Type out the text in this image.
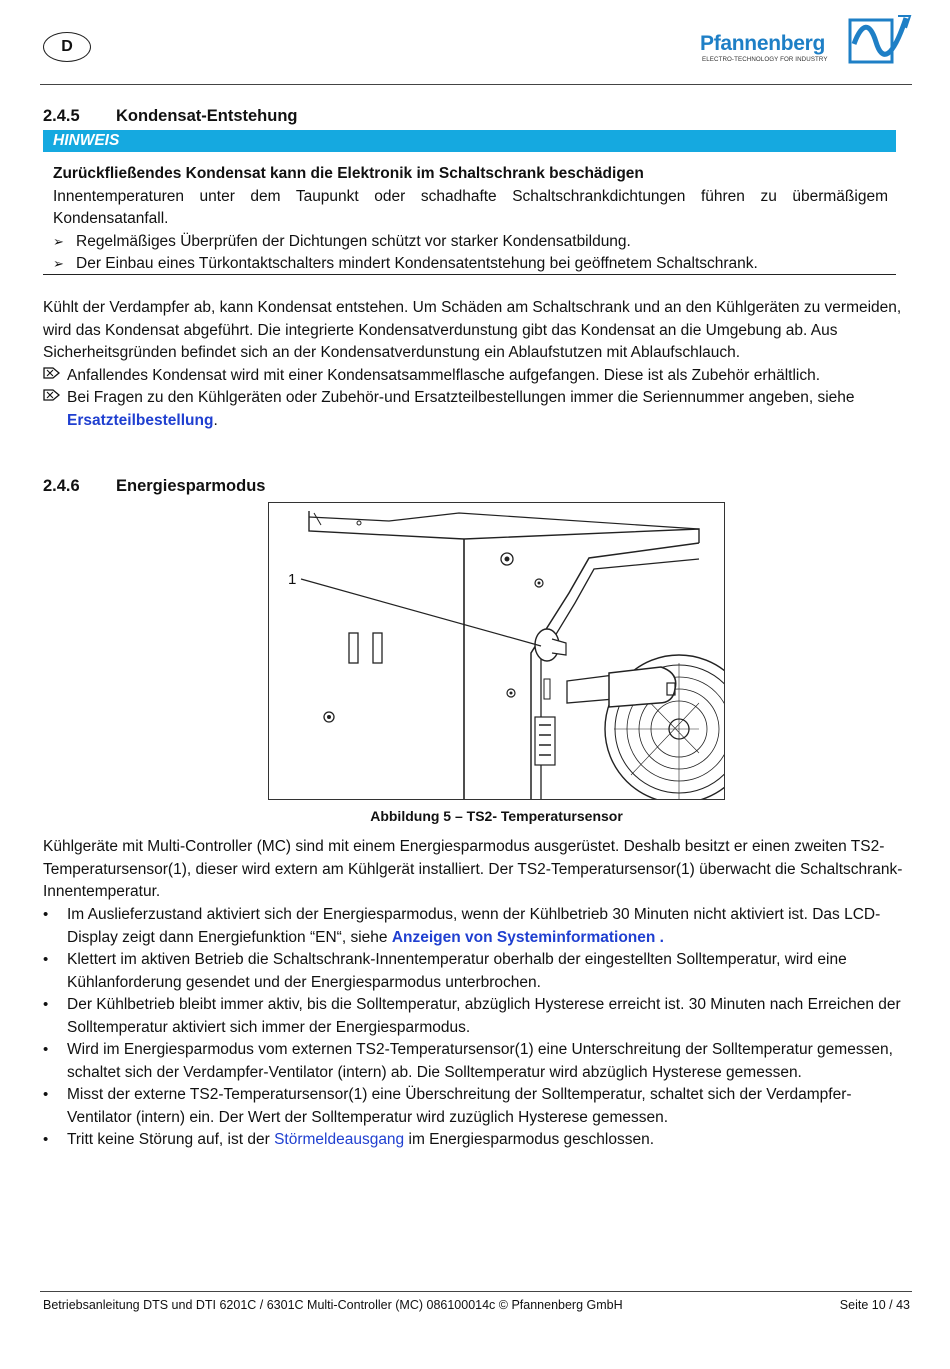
D	Pfannenberg
ELECTRO-TECHNOLOGY FOR INDUSTRY
2.4.5 Kondensat-Entstehung
HINWEIS
Zurückfließendes Kondensat kann die Elektronik im Schaltschrank beschädigen
Innentemperaturen unter dem Taupunkt oder schadhafte Schaltschrankdichtungen führen zu übermäßigem Kondensatanfall.
➢ Regelmäßiges Überprüfen der Dichtungen schützt vor starker Kondensatbildung.
➢ Der Einbau eines Türkontaktschalters mindert Kondensatentstehung bei geöffnetem Schaltschrank.
Kühlt der Verdampfer ab, kann Kondensat entstehen. Um Schäden am Schaltschrank und an den Kühlgeräten zu vermeiden, wird das Kondensat abgeführt. Die integrierte Kondensatverdunstung gibt das Kondensat an die Umgebung ab. Aus Sicherheitsgründen befindet sich an der Kondensatverdunstung ein Ablaufstutzen mit Ablaufschlauch.
Anfallendes Kondensat wird mit einer Kondensatsammelflasche aufgefangen. Diese ist als Zubehör erhältlich.
Bei Fragen zu den Kühlgeräten oder Zubehör-und Ersatzteilbestellungen immer die Seriennummer angeben, siehe Ersatzteilbestellung.
2.4.6 Energiesparmodus
1
Abbildung 5 – TS2- Temperatursensor
Kühlgeräte mit Multi-Controller (MC) sind mit einem Energiesparmodus ausgerüstet. Deshalb besitzt er einen zweiten TS2-Temperatursensor(1), dieser wird extern am Kühlgerät installiert. Der TS2-Temperatursensor(1) überwacht die Schaltschrank-Innentemperatur.
•	Im Auslieferzustand aktiviert sich der Energiesparmodus, wenn der Kühlbetrieb 30 Minuten nicht aktiviert ist. Das LCD- Display zeigt dann Energiefunktion “EN“, siehe Anzeigen von Systeminformationen .
•	Klettert im aktiven Betrieb die Schaltschrank-Innentemperatur oberhalb der eingestellten Solltemperatur, wird eine Kühlanforderung gesendet und der Energiesparmodus unterbrochen.
•	Der Kühlbetrieb bleibt immer aktiv, bis die Solltemperatur, abzüglich Hysterese erreicht ist. 30 Minuten nach Erreichen der Solltemperatur aktiviert sich immer der Energiesparmodus.
•	Wird im Energiesparmodus vom externen TS2-Temperatursensor(1) eine Unterschreitung der Solltemperatur gemessen, schaltet sich der Verdampfer-Ventilator (intern) ab. Die Solltemperatur wird abzüglich Hysterese gemessen.
•	Misst der externe TS2-Temperatursensor(1) eine Überschreitung der Solltemperatur, schaltet sich der Verdampfer-Ventilator (intern) ein. Der Wert der Solltemperatur wird zuzüglich Hysterese gemessen.
•	Tritt keine Störung auf, ist der Störmeldeausgang im Energiesparmodus geschlossen.
Betriebsanleitung DTS und DTI 6201C / 6301C Multi-Controller (MC) 086100014c © Pfannenberg GmbH	Seite 10 / 43
